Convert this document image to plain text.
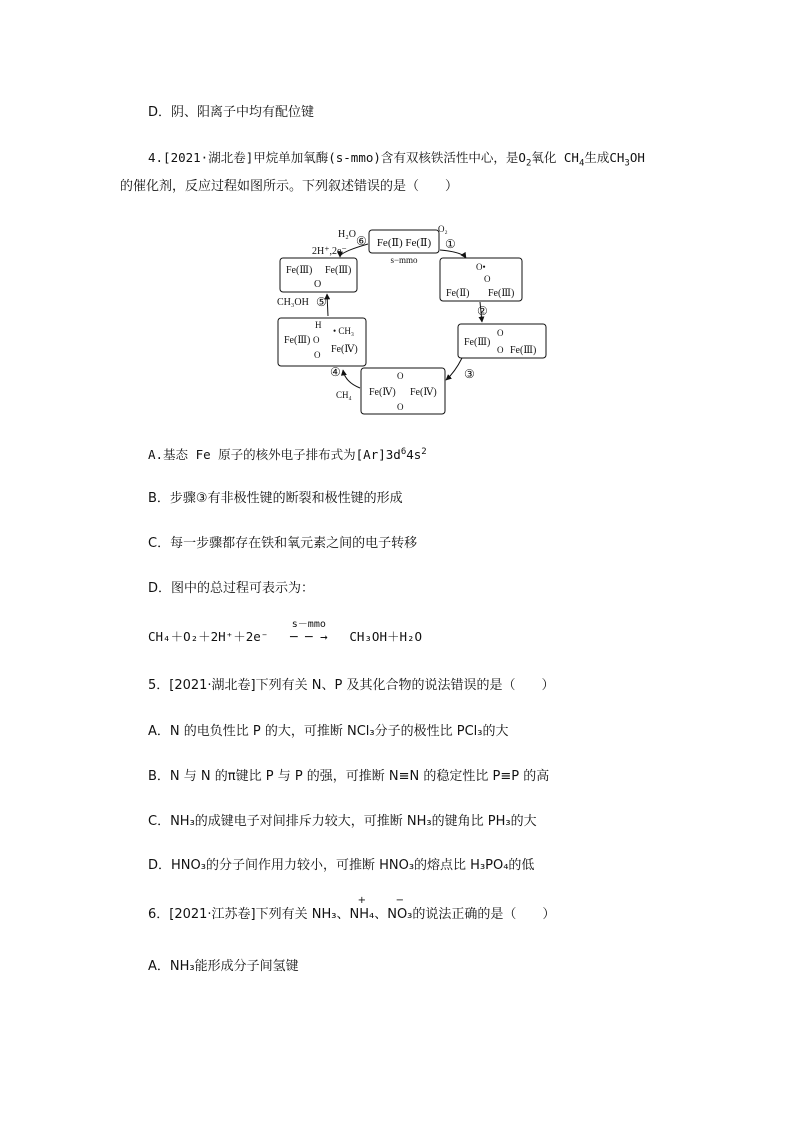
D．阴、阳离子中均有配位键
4.[2021·湖北卷]甲烷单加氧酶(s-mmo)含有双核铁活性中心，是$O_2$氧化 $CH_4$生成$CH_3OH$
的催化剂，反应过程如图所示。下列叙述错误的是（　　）
Fe(Ⅱ) Fe(Ⅱ)
s−mmo
H₂O
2H⁺,2e⁻
⑥
O₂
①
Fe(Ⅲ) Fe(Ⅲ)
O
O•
O
Fe(Ⅱ) Fe(Ⅲ)
②
Fe(Ⅲ)
O
O Fe(Ⅲ)
③
H
• CH₃
Fe(Ⅲ) O
O Fe(Ⅳ)
CH₃OH ⑤
O
Fe(Ⅳ) Fe(Ⅳ)
O
④
CH₄
A.基态 Fe 原子的核外电子排布式为$[Ar]3d^64s^2$
B．步骤③有非极性键的断裂和极性键的形成
C．每一步骤都存在铁和氧元素之间的电子转移
D．图中的总过程可表示为：
CH₄＋O₂＋2H⁺＋2e⁻
s－mmo
─ ─ → CH₃OH＋H₂O
5．[2021·湖北卷]下列有关 N、P 及其化合物的说法错误的是（　　）
A．N 的电负性比 P 的大，可推断 NCl₃分子的极性比 PCl₃的大
B．N 与 N 的π键比 P 与 P 的强，可推断 N≡N 的稳定性比 P≡P 的高
C．NH₃的成键电子对间排斥力较大，可推断 NH₃的键角比 PH₃的大
D．HNO₃的分子间作用力较小，可推断 HNO₃的熔点比 H₃PO₄的低
6．[2021·江苏卷]下列有关 NH₃、
+
NH₄、
−
NO₃的说法正确的是（　　）
A．NH₃能形成分子间氢键
